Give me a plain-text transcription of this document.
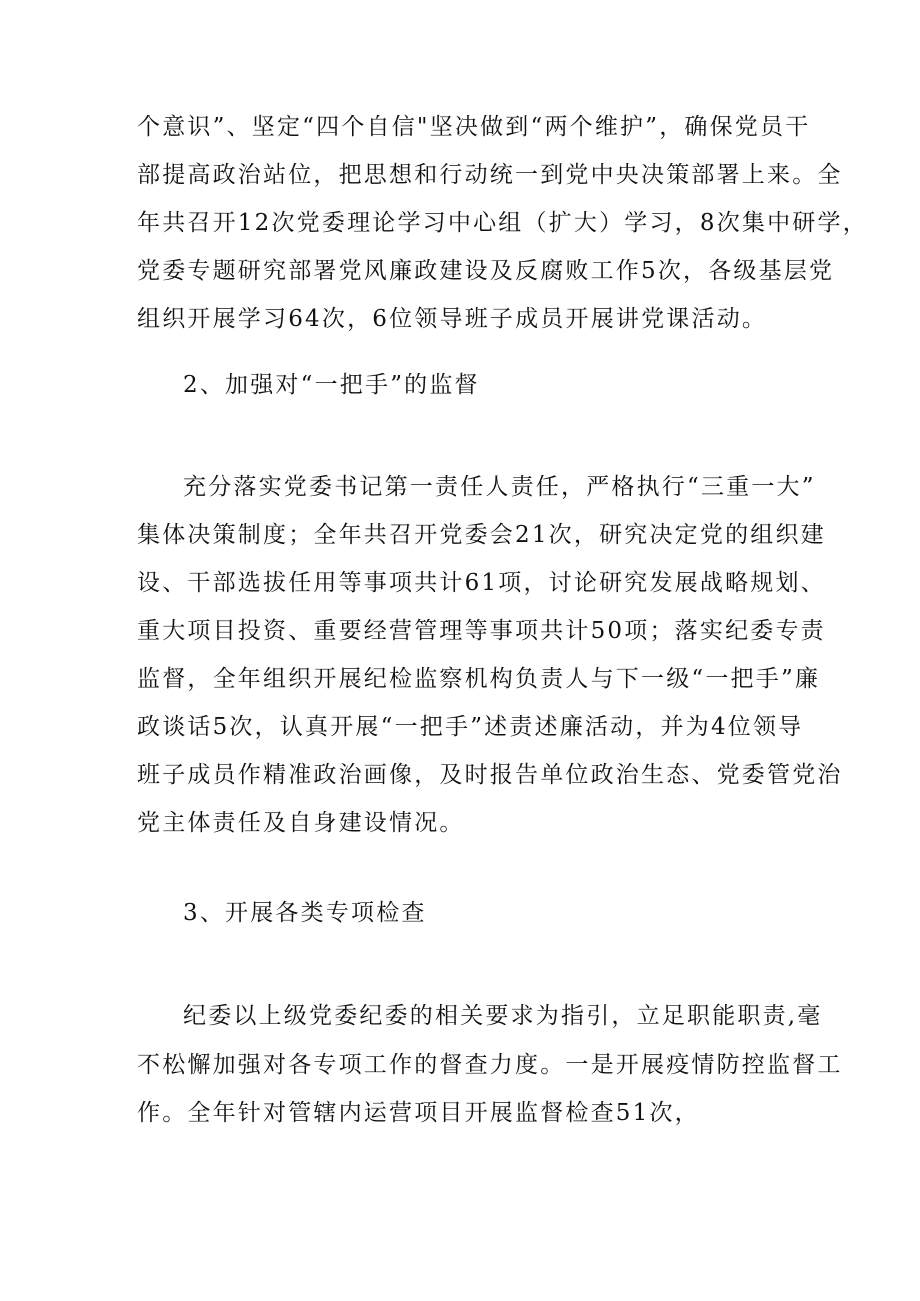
个意识”、坚定“四个自信"坚决做到“两个维护”，确保党员干
部提高政治站位，把思想和行动统一到党中央决策部署上来。全
年共召开12次党委理论学习中心组（扩大）学习，8次集中研学，
党委专题研究部署党风廉政建设及反腐败工作5次，各级基层党
组织开展学习64次，6位领导班子成员开展讲党课活动。
2、加强对“一把手”的监督
充分落实党委书记第一责任人责任，严格执行“三重一大”
集体决策制度；全年共召开党委会21次，研究决定党的组织建
设、干部选拔任用等事项共计61项，讨论研究发展战略规划、
重大项目投资、重要经营管理等事项共计50项；落实纪委专责
监督，全年组织开展纪检监察机构负责人与下一级“一把手”廉
政谈话5次，认真开展“一把手”述责述廉活动，并为4位领导
班子成员作精准政治画像，及时报告单位政治生态、党委管党治
党主体责任及自身建设情况。
3、开展各类专项检查
纪委以上级党委纪委的相关要求为指引，立足职能职责,毫
不松懈加强对各专项工作的督查力度。一是开展疫情防控监督工
作。全年针对管辖内运营项目开展监督检查51次，
